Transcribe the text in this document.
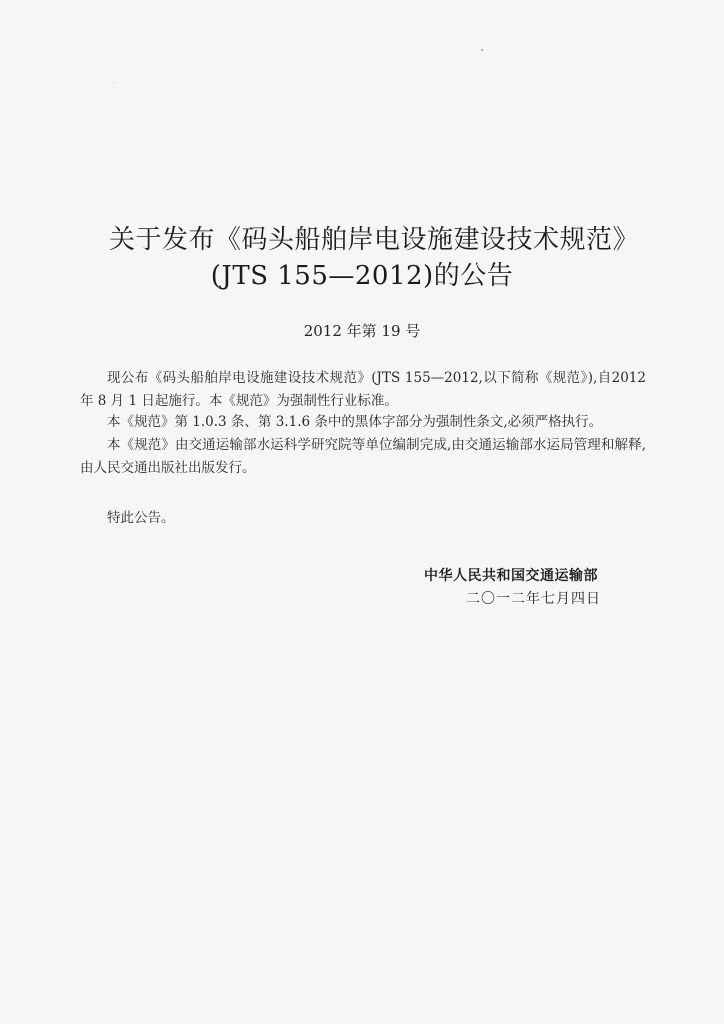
关于发布《码头船舶岸电设施建设技术规范》
(JTS 155—2012)的公告
2012 年第 19 号

现公布《码头船舶岸电设施建设技术规范》(JTS 155—2012,以下简称《规范》),自2012 年 8 月 1 日起施行。本《规范》为强制性行业标准。

本《规范》第 1.0.3 条、第 3.1.6 条中的黑体字部分为强制性条文,必须严格执行。

本《规范》由交通运输部水运科学研究院等单位编制完成,由交通运输部水运局管理和解释,由人民交通出版社出版发行。

特此公告。

中华人民共和国交通运输部
二〇一二年七月四日
